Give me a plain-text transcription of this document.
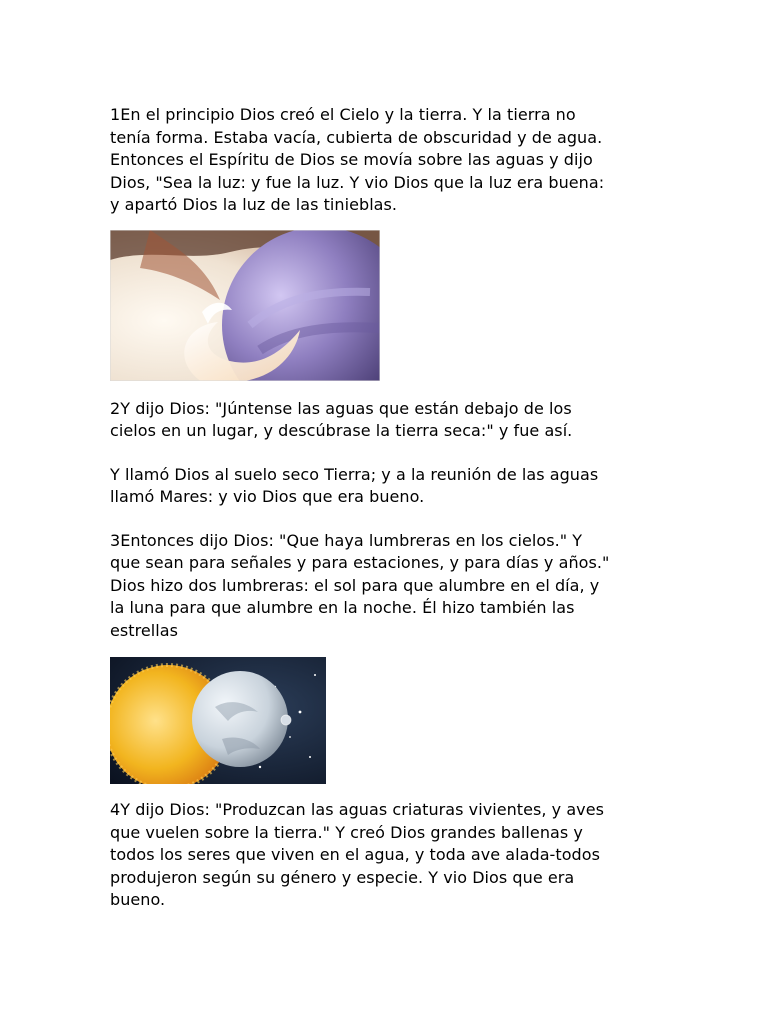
1En el principio Dios creó el Cielo y la tierra. Y la tierra no
tenía forma. Estaba vacía, cubierta de obscuridad y de agua.
Entonces el Espíritu de Dios se movía sobre las aguas y dijo
Dios, "Sea la luz: y fue la luz. Y vio Dios que la luz era buena:
y apartó Dios la luz de las tinieblas.

2Y dijo Dios: "Júntense las aguas que están debajo de los
cielos en un lugar, y descúbrase la tierra seca:" y fue así.

Y llamó Dios al suelo seco Tierra; y a la reunión de las aguas
llamó Mares: y vio Dios que era bueno.

3Entonces dijo Dios: "Que haya lumbreras en los cielos." Y
que sean para señales y para estaciones, y para días y años."
Dios hizo dos lumbreras: el sol para que alumbre en el día, y
la luna para que alumbre en la noche. Él hizo también las
estrellas

4Y dijo Dios: "Produzcan las aguas criaturas vivientes, y aves
que vuelen sobre la tierra." Y creó Dios grandes ballenas y
todos los seres que viven en el agua, y toda ave alada-todos
produjeron según su género y especie. Y vio Dios que era
bueno.
